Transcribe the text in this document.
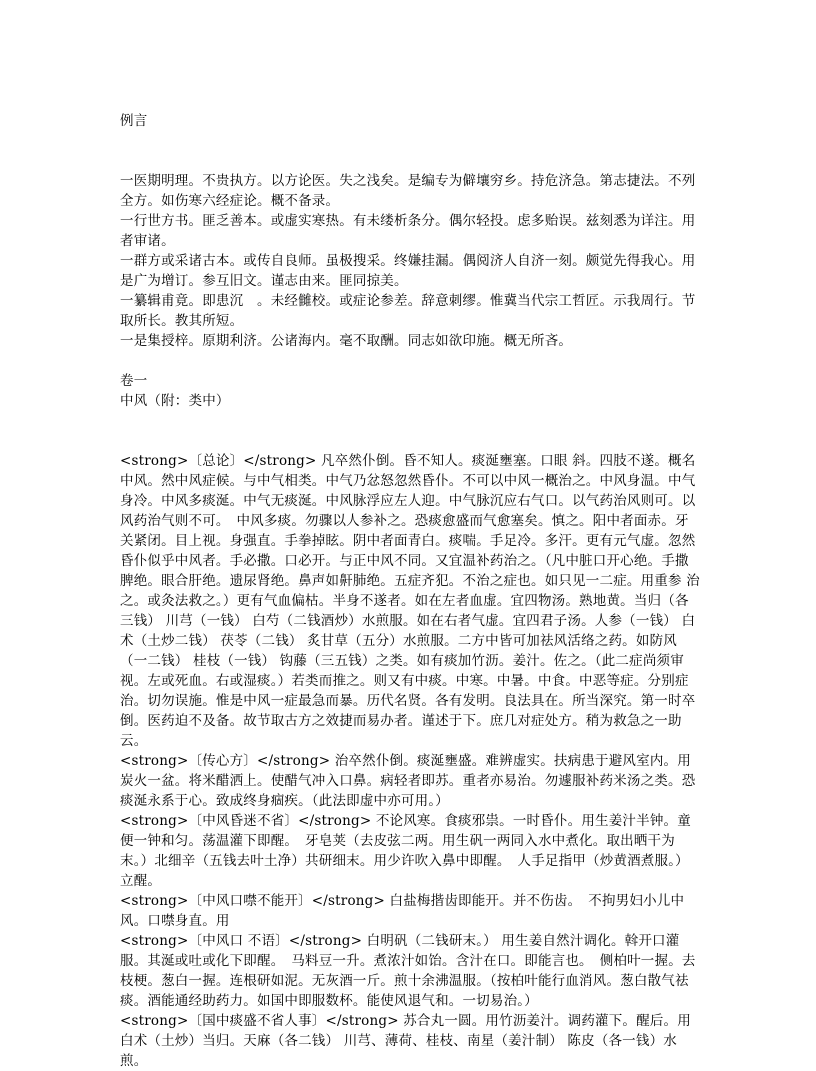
例言

一医期明理。不贵执方。以方论医。失之浅矣。是编专为僻壤穷乡。持危济急。第志捷法。不列全方。如伤寒六经症论。概不备录。

一行世方书。匪乏善本。或虚实寒热。有未缕析条分。偶尔轻投。虑多贻误。兹刻悉为详注。用者审诸。

一群方或采诸古本。或传自良师。虽极搜采。终嫌挂漏。偶阅济人自济一刻。颇觉先得我心。用是广为增订。参互旧文。谨志由来。匪同掠美。

一纂辑甫竟。即患沉　。未经雠校。或症论参差。辞意刺缪。惟冀当代宗工哲匠。示我周行。节取所长。教其所短。

一是集授梓。原期利济。公诸海内。毫不取酬。同志如欲印施。概无所吝。

卷一
中风（附：类中）

<strong>〔总论〕</strong> 凡卒然仆倒。昏不知人。痰涎壅塞。口眼 斜。四肢不遂。概名中风。然中风症候。与中气相类。中气乃忿怒忽然昏仆。不可以中风一概治之。中风身温。中气身冷。中风多痰涎。中气无痰涎。中风脉浮应左人迎。中气脉沉应右气口。以气药治风则可。以风药治气则不可。　中风多痰。勿骤以人参补之。恐痰愈盛而气愈塞矣。慎之。阳中者面赤。牙关紧闭。目上视。身强直。手拳掉眩。阴中者面青白。痰喘。手足冷。多汗。更有元气虚。忽然昏仆似乎中风者。手必撒。口必开。与正中风不同。又宜温补药治之。（凡中脏口开心绝。手撒脾绝。眼合肝绝。遗尿肾绝。鼻声如鼾肺绝。五症齐犯。不治之症也。如只见一二症。用重参 治之。或灸法救之。）更有气血偏枯。半身不遂者。如在左者血虚。宜四物汤。熟地黄。当归（各三钱） 川芎（一钱） 白芍（二钱酒炒）水煎服。如在右者气虚。宜四君子汤。人参（一钱） 白术（土炒二钱） 茯苓（二钱） 炙甘草（五分）水煎服。二方中皆可加祛风活络之药。如防风（一二钱） 桂枝（一钱） 钩藤（三五钱）之类。如有痰加竹沥。姜汁。佐之。（此二症尚须审视。左或死血。右或湿痰。）若类而推之。则又有中痰。中寒。中暑。中食。中恶等症。分别症治。切勿误施。惟是中风一症最急而暴。历代名贤。各有发明。良法具在。所当深究。第一时卒倒。医药迫不及备。故节取古方之效捷而易办者。谨述于下。庶几对症处方。稍为救急之一助云。

<strong>〔传心方〕</strong> 治卒然仆倒。痰涎壅盛。难辨虚实。扶病患于避风室内。用炭火一盆。将米醋洒上。使醋气冲入口鼻。病轻者即苏。重者亦易治。勿遽服补药米汤之类。恐痰涎永系于心。致成终身痼疾。（此法即虚中亦可用。）

<strong>〔中风昏迷不省〕</strong> 不论风寒。食痰邪祟。一时昏仆。用生姜汁半钟。童便一钟和匀。荡温灌下即醒。　牙皂荚（去皮弦二两。用生矾一两同入水中煮化。取出晒干为末。）北细辛（五钱去叶土净）共研细末。用少许吹入鼻中即醒。　人手足指甲（炒黄酒煮服。）立醒。

<strong>〔中风口噤不能开〕</strong> 白盐梅揩齿即能开。并不伤齿。　不拘男妇小儿中风。口噤身直。用

<strong>〔中风口 不语〕</strong> 白明矾（二钱研末。） 用生姜自然汁调化。斡开口灌服。其涎或吐或化下即醒。　马料豆一升。煮浓汁如饴。含汁在口。即能言也。　侧柏叶一握。去枝梗。葱白一握。连根研如泥。无灰酒一斤。煎十余沸温服。（按柏叶能行血消风。葱白散气祛痰。酒能通经助药力。如国中即服数杯。能使风退气和。一切易治。）

<strong>〔国中痰盛不省人事〕</strong> 苏合丸一圆。用竹沥姜汁。调药灌下。醒后。用白术（土炒）当归。天麻（各二钱） 川芎、薄荷、桂枝、南星（姜汁制） 陈皮（各一钱）水煎。
